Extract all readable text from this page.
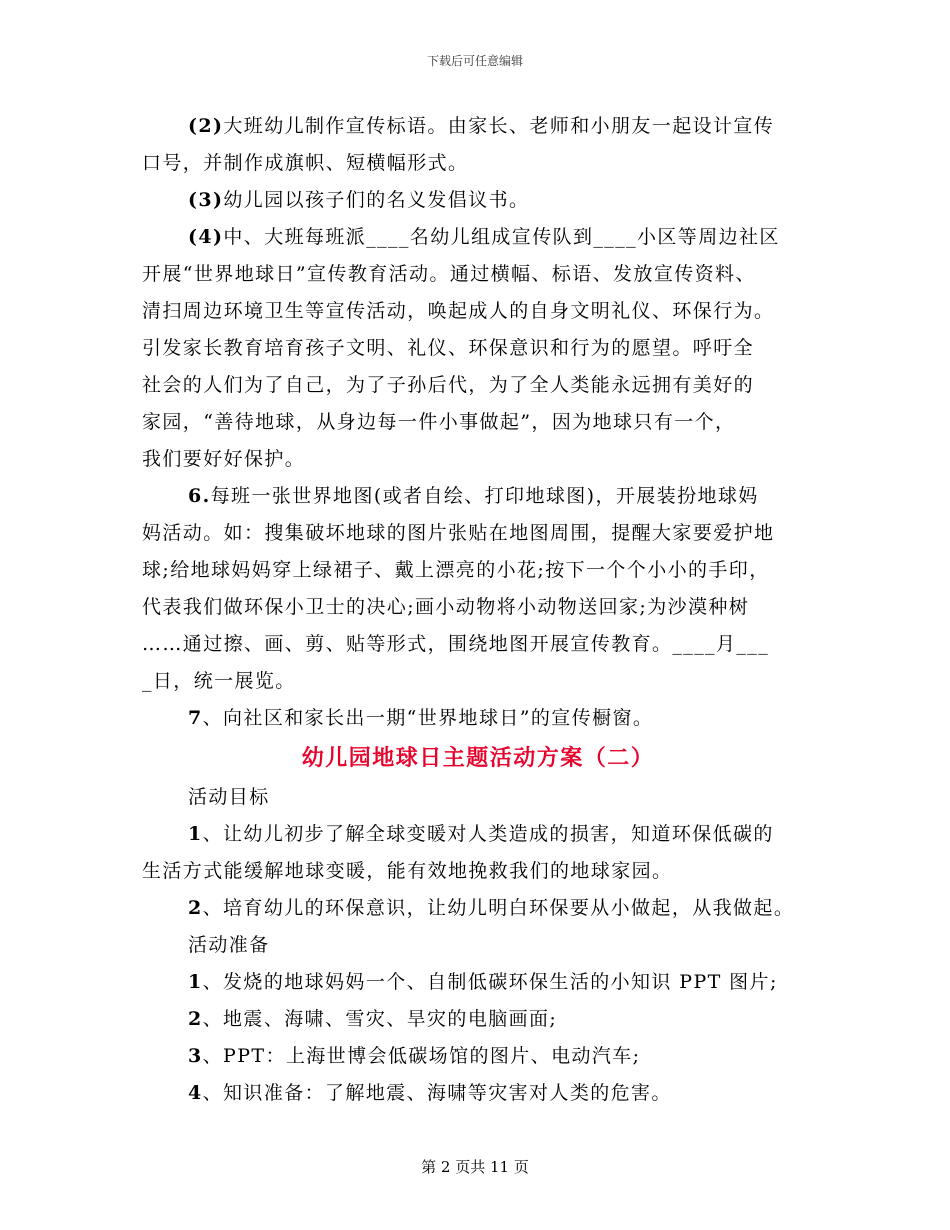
下载后可任意编辑
(2)大班幼儿制作宣传标语。由家长、老师和小朋友一起设计宣传
口号，并制作成旗帜、短横幅形式。
(3)幼儿园以孩子们的名义发倡议书。
(4)中、大班每班派____名幼儿组成宣传队到____小区等周边社区
开展“世界地球日”宣传教育活动。通过横幅、标语、发放宣传资料、
清扫周边环境卫生等宣传活动，唤起成人的自身文明礼仪、环保行为。
引发家长教育培育孩子文明、礼仪、环保意识和行为的愿望。呼吁全
社会的人们为了自己，为了子孙后代，为了全人类能永远拥有美好的
家园，“善待地球，从身边每一件小事做起”，因为地球只有一个，
我们要好好保护。
6.每班一张世界地图(或者自绘、打印地球图)，开展装扮地球妈
妈活动。如：搜集破坏地球的图片张贴在地图周围，提醒大家要爱护地
球;给地球妈妈穿上绿裙子、戴上漂亮的小花;按下一个个小小的手印，
代表我们做环保小卫士的决心;画小动物将小动物送回家;为沙漠种树
……通过擦、画、剪、贴等形式，围绕地图开展宣传教育。____月___
_日，统一展览。
7、向社区和家长出一期“世界地球日”的宣传橱窗。
幼儿园地球日主题活动方案（二）
活动目标
1、让幼儿初步了解全球变暖对人类造成的损害，知道环保低碳的
生活方式能缓解地球变暖，能有效地挽救我们的地球家园。
2、培育幼儿的环保意识，让幼儿明白环保要从小做起，从我做起。
活动准备
1、发烧的地球妈妈一个、自制低碳环保生活的小知识 PPT 图片;
2、地震、海啸、雪灾、旱灾的电脑画面;
3、PPT：上海世博会低碳场馆的图片、电动汽车;
4、知识准备：了解地震、海啸等灾害对人类的危害。
第 2 页共 11 页
